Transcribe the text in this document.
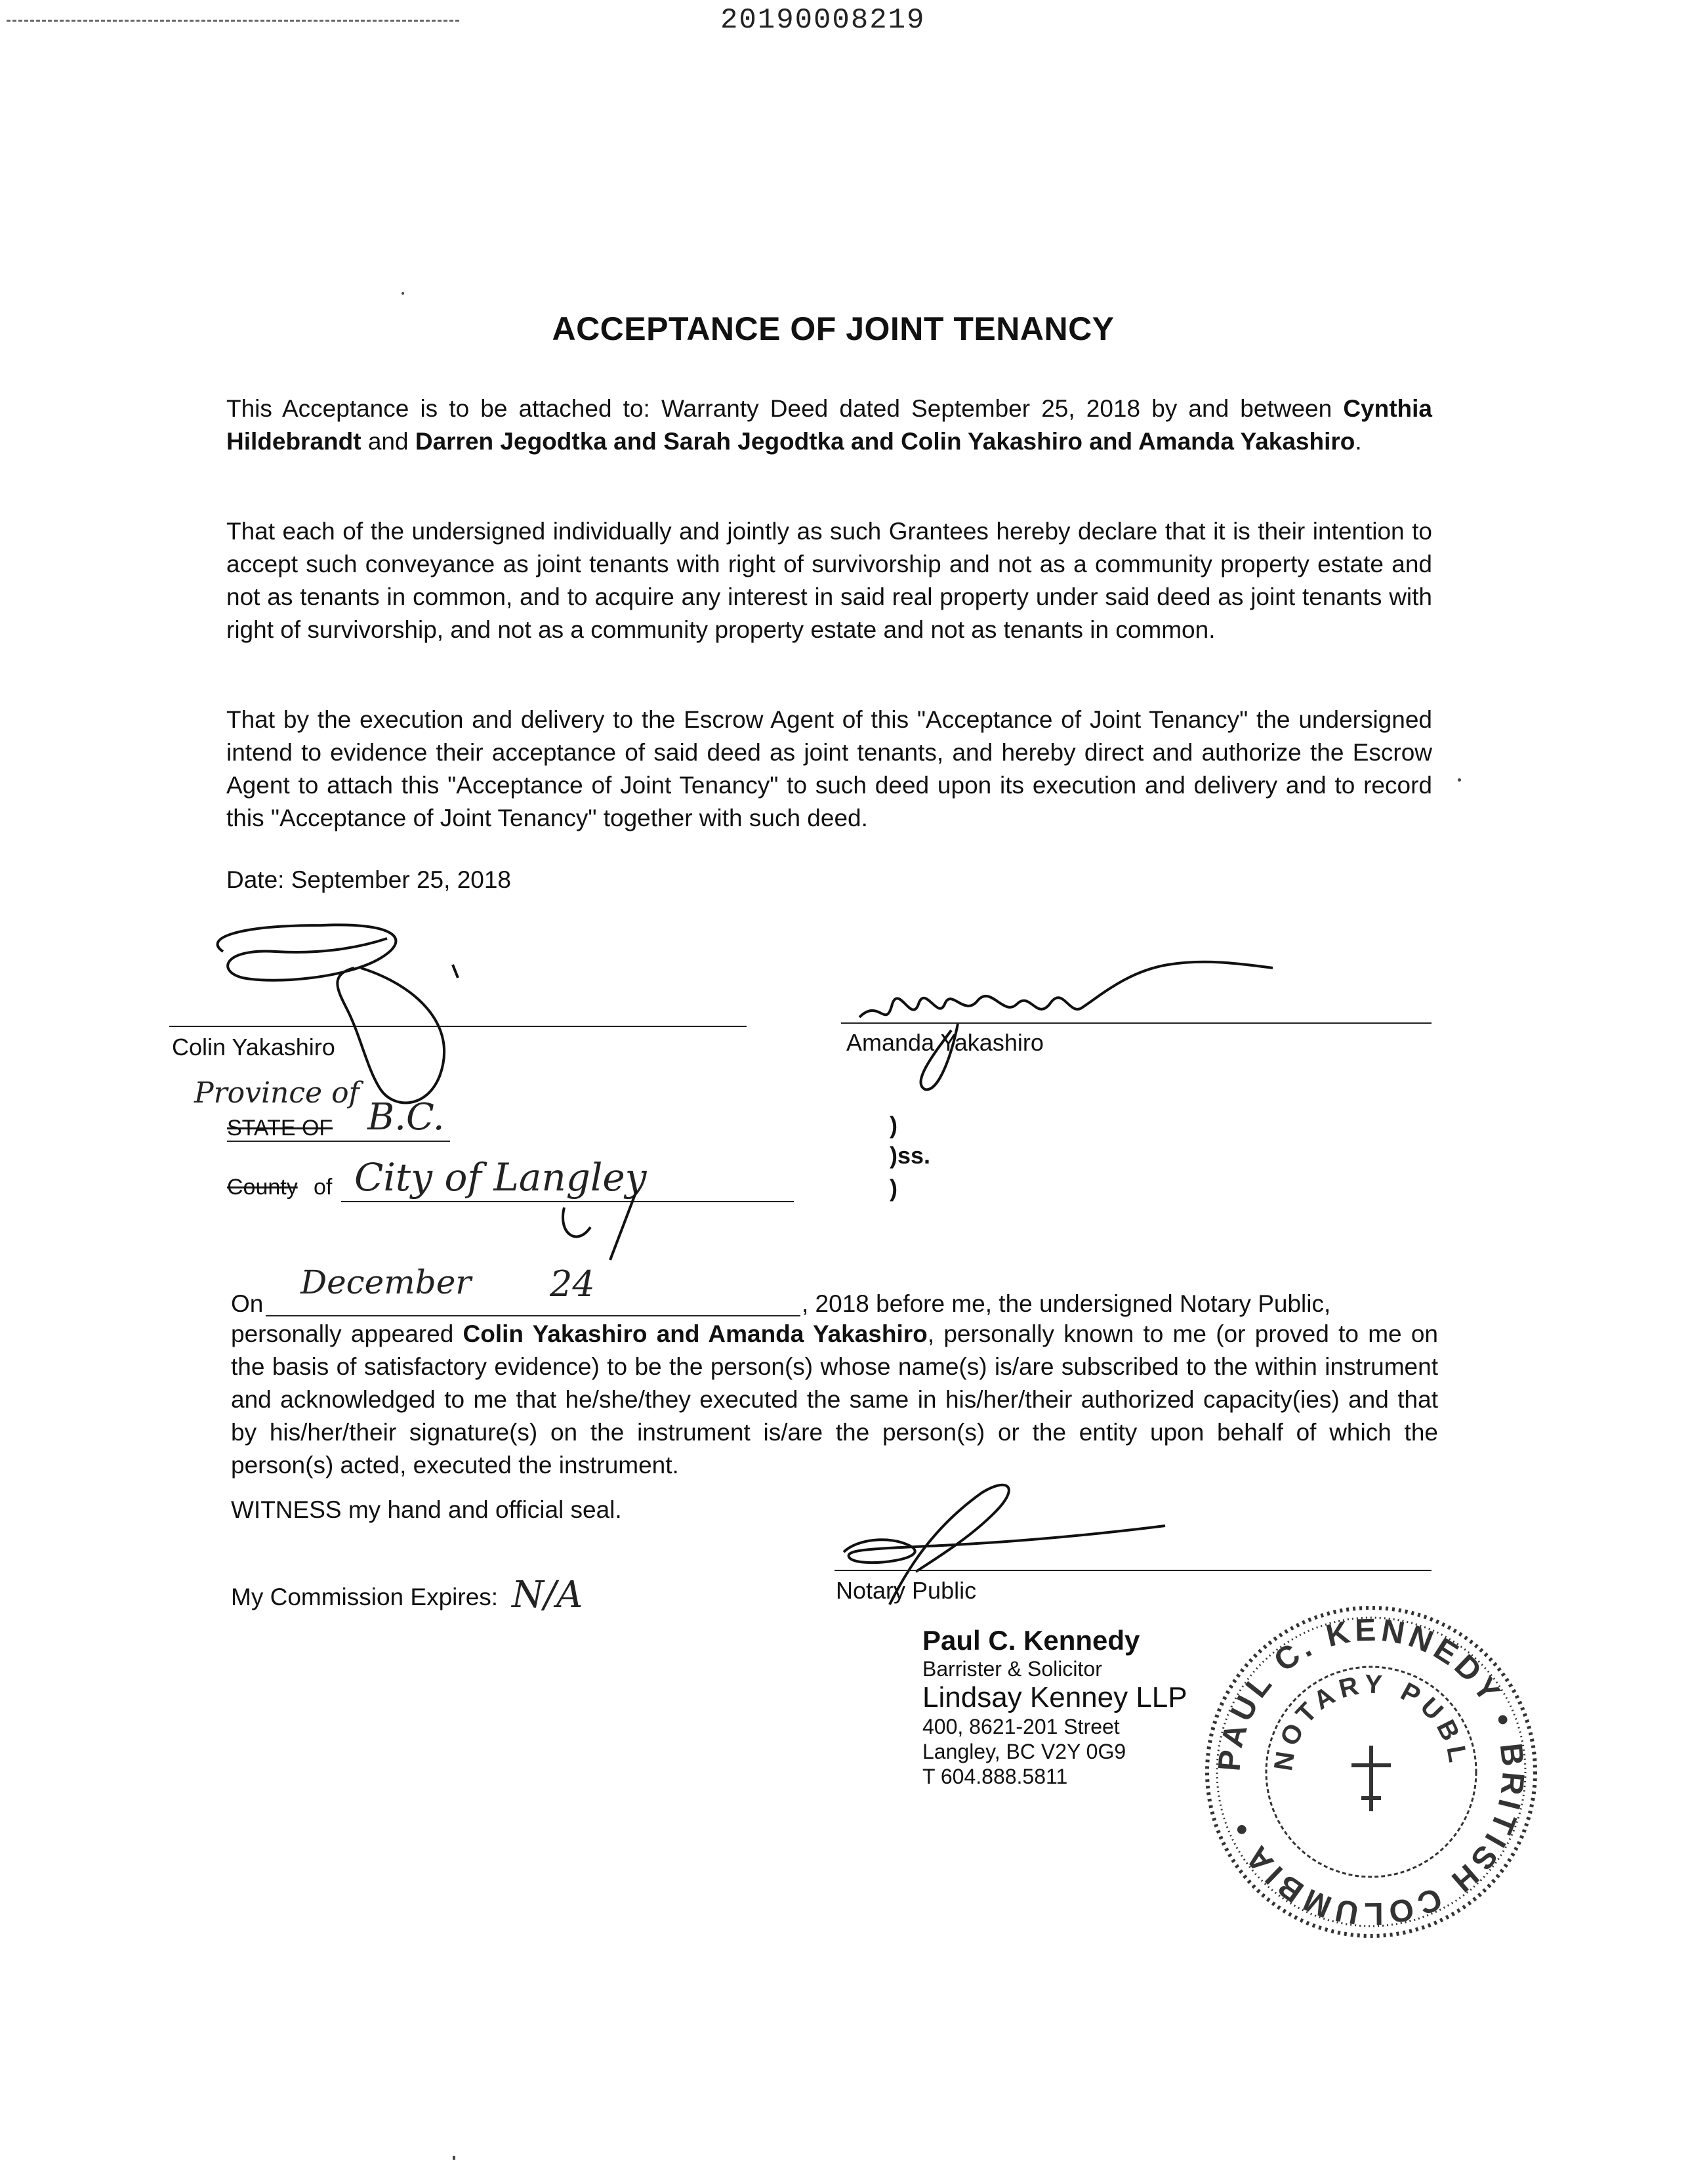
20190008219
ACCEPTANCE OF JOINT TENANCY
This Acceptance is to be attached to: Warranty Deed dated September 25, 2018 by and between Cynthia Hildebrandt and Darren Jegodtka and Sarah Jegodtka and Colin Yakashiro and Amanda Yakashiro.
That each of the undersigned individually and jointly as such Grantees hereby declare that it is their intention to accept such conveyance as joint tenants with right of survivorship and not as a community property estate and not as tenants in common, and to acquire any interest in said real property under said deed as joint tenants with right of survivorship, and not as a community property estate and not as tenants in common.
That by the execution and delivery to the Escrow Agent of this "Acceptance of Joint Tenancy" the undersigned intend to evidence their acceptance of said deed as joint tenants, and hereby direct and authorize the Escrow Agent to attach this "Acceptance of Joint Tenancy" to such deed upon its execution and delivery and to record this "Acceptance of Joint Tenancy" together with such deed.
Date: September 25, 2018
Colin Yakashiro	Amanda Yakashiro
Province of
STATE OF B.C.
County of City of Langley
)
)ss.
)
On
December 24	, 2018 before me, the undersigned Notary Public,
personally appeared Colin Yakashiro and Amanda Yakashiro, personally known to me (or proved to me on the basis of satisfactory evidence) to be the person(s) whose name(s) is/are subscribed to the within instrument and acknowledged to me that he/she/they executed the same in his/her/their authorized capacity(ies) and that by his/her/their signature(s) on the instrument is/are the person(s) or the entity upon behalf of which the person(s) acted, executed the instrument.
WITNESS my hand and official seal.
My Commission Expires: N/A	Notary Public
Paul C. Kennedy
Barrister & Solicitor
Lindsay Kenney LLP
400, 8621-201 Street
Langley, BC V2Y 0G9
T 604.888.5811
PAUL C. KENNEDY • BRITISH COLUMBIA •
NOTARY PUBLIC
